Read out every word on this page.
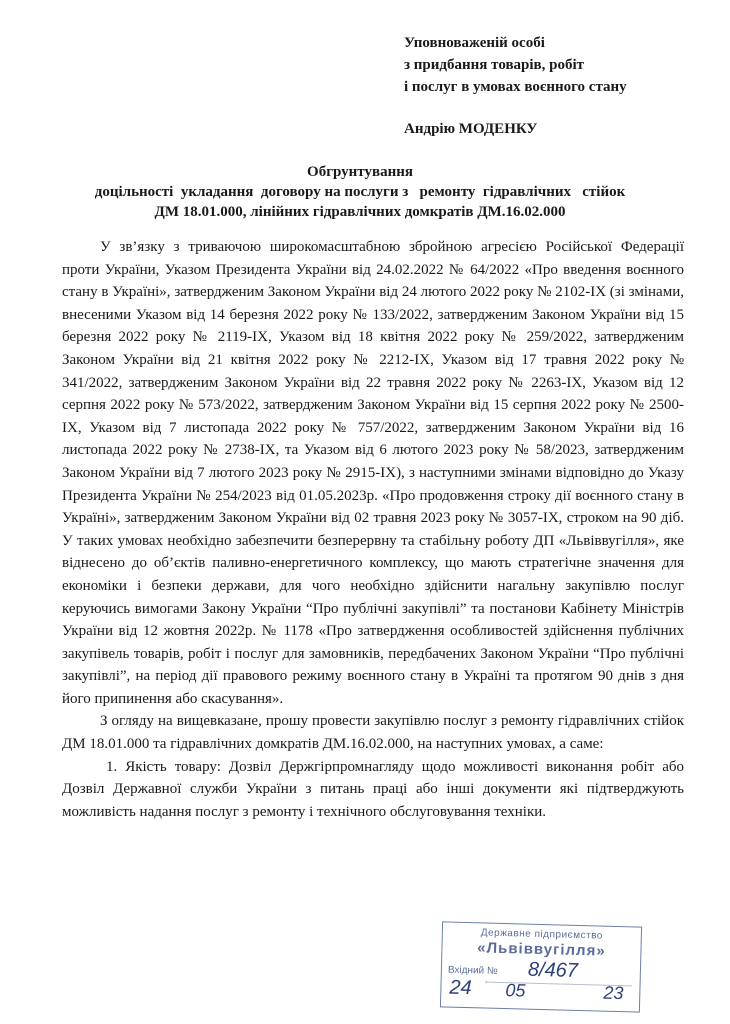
Уповноваженій особі
з придбання товарів, робіт
і послуг в умовах воєнного стану
Андрію МОДЕНКУ
Обгрунтування
доцільності  укладання  договору на послуги з   ремонту  гідравлічних   стійок
ДМ 18.01.000, лінійних гідравлічних домкратів ДМ.16.02.000

У зв’язку з триваючою широкомасштабною збройною агресією Російської Федерації проти України, Указом Президента України від 24.02.2022 № 64/2022 «Про введення воєнного стану в Україні», затвердженим Законом України від 24 лютого 2022 року № 2102-IX (зі змінами, внесеними Указом від 14 березня 2022 року № 133/2022, затвердженим Законом України від 15 березня 2022 року № 2119-IX, Указом від 18 квітня 2022 року № 259/2022, затвердженим Законом України від 21 квітня 2022 року № 2212-IX, Указом від 17 травня 2022 року № 341/2022, затвердженим Законом України від 22 травня 2022 року № 2263-IX, Указом від 12 серпня 2022 року № 573/2022, затвердженим Законом України від 15 серпня 2022 року № 2500-IX, Указом від 7 листопада 2022 року № 757/2022, затвердженим Законом України від 16 листопада 2022 року № 2738-IX, та Указом від 6 лютого 2023 року № 58/2023, затвердженим Законом України від 7 лютого 2023 року № 2915-IX), з наступними змінами відповідно до Указу Президента України № 254/2023 від 01.05.2023р. «Про продовження строку дії воєнного стану в Україні», затвердженим Законом України від 02 травня 2023 року № 3057-IX, строком на 90 діб. У таких умовах необхідно забезпечити безперервну та стабільну роботу ДП «Львіввугілля», яке віднесено до об’єктів паливно-енергетичного комплексу, що мають стратегічне значення для економіки і безпеки держави, для чого необхідно здійснити нагальну закупівлю послуг керуючись вимогами Закону України “Про публічні закупівлі” та постанови Кабінету Міністрів України від 12 жовтня 2022р. № 1178 «Про затвердження особливостей здійснення публічних закупівель товарів, робіт і послуг для замовників, передбачених Законом України “Про публічні закупівлі”, на період дії правового режиму воєнного стану в Україні та протягом 90 днів з дня його припинення або скасування».

З огляду на вищевказане, прошу провести закупівлю послуг з ремонту гідравлічних стійок ДМ 18.01.000 та гідравлічних домкратів ДМ.16.02.000, на наступних умовах, а саме:

1. Якість товару: Дозвіл Держгірпромнагляду щодо можливості виконання робіт або Дозвіл Державної служби України з питань праці або інші документи які підтверджують можливість надання послуг з ремонту і технічного обслуговування техніки.

Державне підприємство
«Львіввугілля»
Вхідний № 8/467
24 05	23
